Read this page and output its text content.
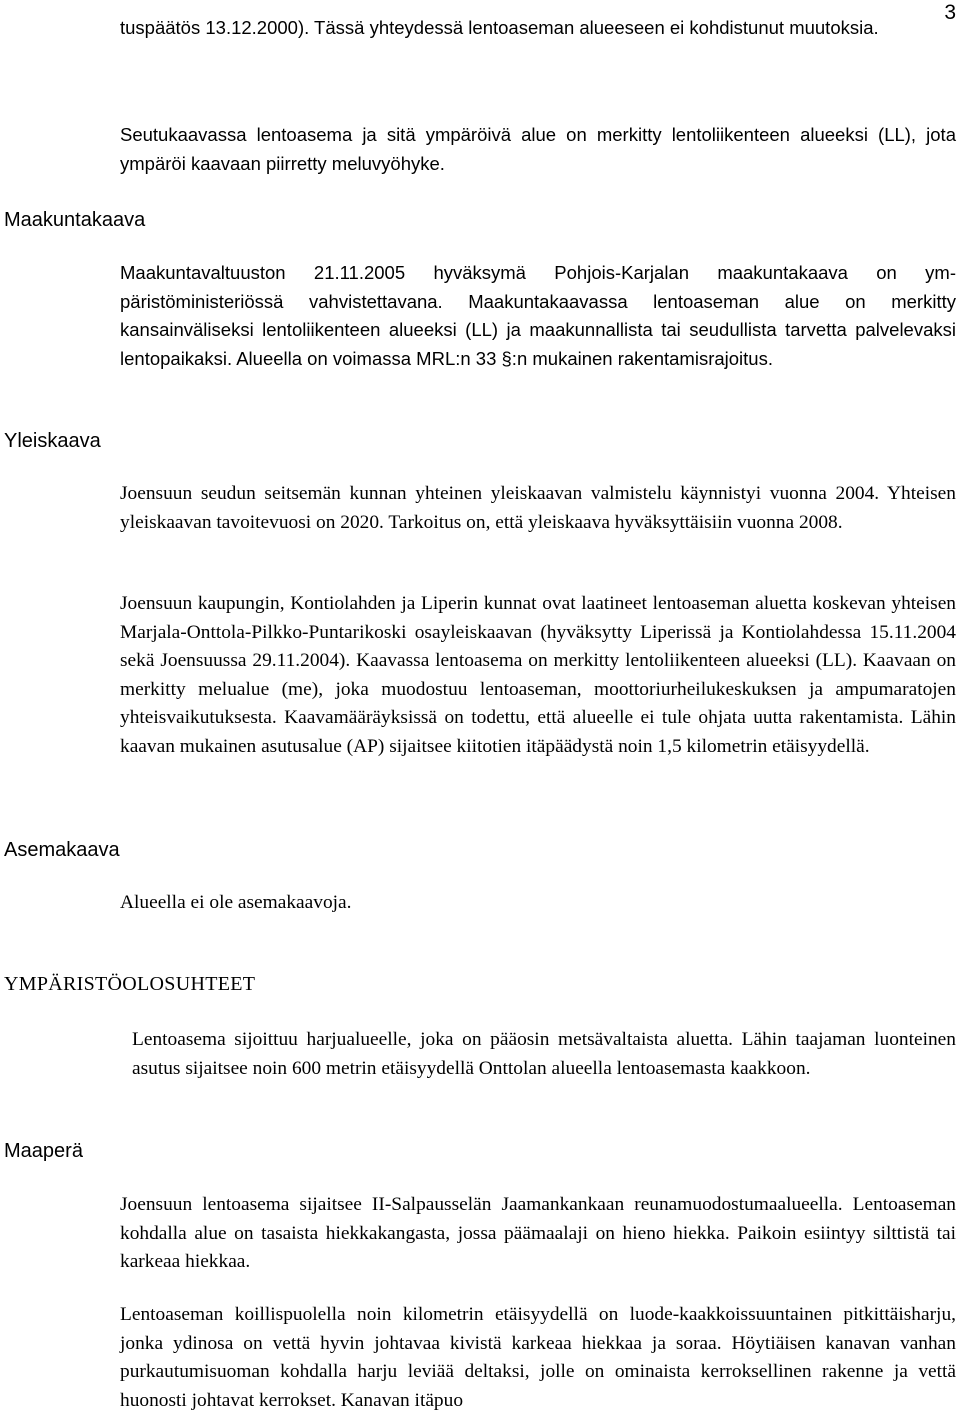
3

tuspäätös 13.12.2000). Tässä yhteydessä lentoaseman alueeseen ei kohdistunut muutoksia.

Seutukaavassa lentoasema ja sitä ympäröivä alue on merkitty lentoliikenteen alueeksi (LL), jota ympäröi kaavaan piirretty meluvyöhyke.

Maakuntakaava

Maakuntavaltuuston 21.11.2005 hyväksymä Pohjois-Karjalan maakuntakaava on ympäristöministeriössä vahvistettavana. Maakuntakaavassa lentoaseman alue on merkitty kansainväliseksi lentoliikenteen alueeksi (LL) ja maakunnallista tai seudullista tarvetta palvelevaksi lentopaikaksi. Alueella on voimassa MRL:n 33 §:n mukainen rakentamisrajoitus.

Yleiskaava

Joensuun seudun seitsemän kunnan yhteinen yleiskaavan valmistelu käynnistyi vuonna 2004. Yhteisen yleiskaavan tavoitevuosi on 2020. Tarkoitus on, että yleiskaava hyväksyttäisiin vuonna 2008.

Joensuun kaupungin, Kontiolahden ja Liperin kunnat ovat laatineet lentoaseman aluetta koskevan yhteisen Marjala-Onttola-Pilkko-Puntarikoski osayleiskaavan (hyväksytty Liperissä ja Kontiolahdessa 15.11.2004 sekä Joensuussa 29.11.2004). Kaavassa lentoasema on merkitty lentoliikenteen alueeksi (LL). Kaavaan on merkitty melualue (me), joka muodostuu lentoaseman, moottoriurheilukeskuksen ja ampumaratojen yhteisvaikutuksesta. Kaavamääräyksissä on todettu, että alueelle ei tule ohjata uutta rakentamista. Lähin kaavan mukainen asutusalue (AP) sijaitsee kiitotien itäpäädystä noin 1,5 kilometrin etäisyydellä.

Asemakaava

Alueella ei ole asemakaavoja.

YMPÄRISTÖOLOSUHTEET

Lentoasema sijoittuu harjualueelle, joka on pääosin metsävaltaista aluetta. Lähin taajaman luonteinen asutus sijaitsee noin 600 metrin etäisyydellä Onttolan alueella lentoasemasta kaakkoon.

Maaperä

Joensuun lentoasema sijaitsee II-Salpausselän Jaamankankaan reunamuodostumaalueella. Lentoaseman kohdalla alue on tasaista hiekkakangasta, jossa päämaalaji on hieno hiekka. Paikoin esiintyy silttistä tai karkeaa hiekkaa.

Lentoaseman koillispuolella noin kilometrin etäisyydellä on luode-kaakkoissuuntainen pitkittäisharju, jonka ydinosa on vettä hyvin johtavaa kivistä karkeaa hiekkaa ja soraa. Höytiäisen kanavan vanhan purkautumisuoman kohdalla harju leviää deltaksi, jolle on ominaista kerroksellinen rakenne ja vettä huonosti johtavat kerrokset. Kanavan itäpuo
